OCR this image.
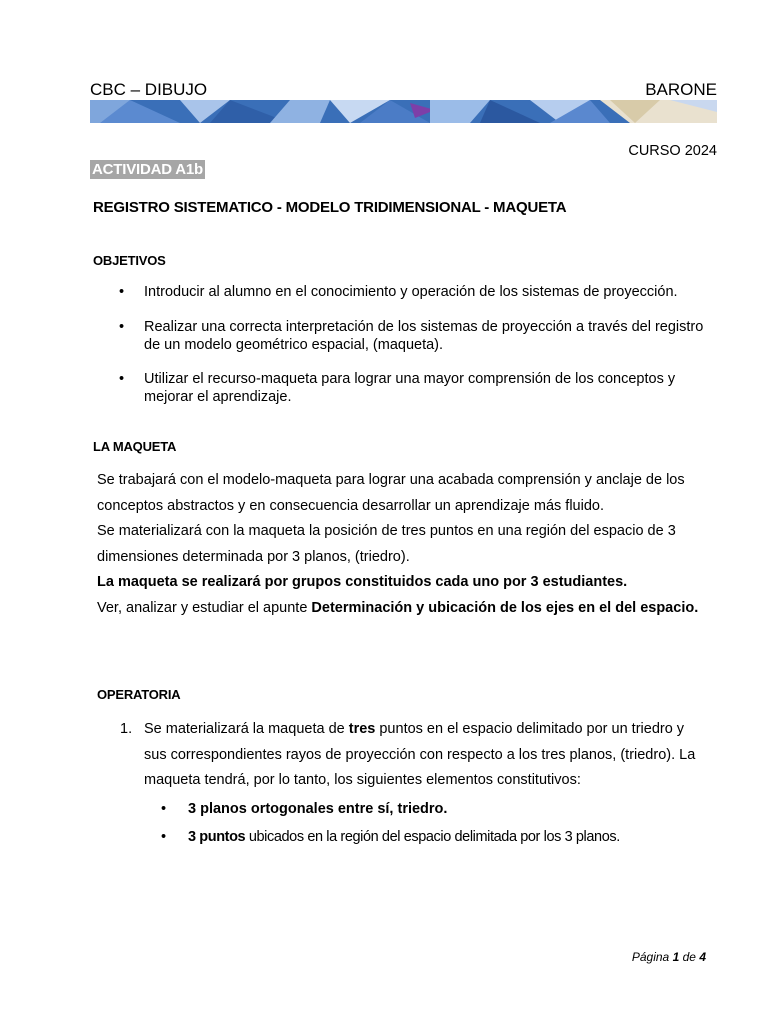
CBC – DIBUJO	BARONE
CURSO 2024
ACTIVIDAD A1b
REGISTRO SISTEMATICO - MODELO TRIDIMENSIONAL - MAQUETA
OBJETIVOS
• Introducir al alumno en el conocimiento y operación de los sistemas de proyección.
• Realizar una correcta interpretación de los sistemas de proyección a través del registro
de un modelo geométrico espacial, (maqueta).
• Utilizar el recurso-maqueta para lograr una mayor comprensión de los conceptos y
mejorar el aprendizaje.
LA MAQUETA
Se trabajará con el modelo-maqueta para lograr una acabada comprensión y anclaje de los
conceptos abstractos y en consecuencia desarrollar un aprendizaje más fluido.
Se materializará con la maqueta la posición de tres puntos en una región del espacio de 3
dimensiones determinada por 3 planos, (triedro).
La maqueta se realizará por grupos constituidos cada uno por 3 estudiantes.
Ver, analizar y estudiar el apunte Determinación y ubicación de los ejes en el del espacio.
OPERATORIA
1. Se materializará la maqueta de tres puntos en el espacio delimitado por un triedro y
sus correspondientes rayos de proyección con respecto a los tres planos, (triedro). La
maqueta tendrá, por lo tanto, los siguientes elementos constitutivos:
• 3 planos ortogonales entre sí, triedro.
• 3 puntos ubicados en la región del espacio delimitada por los 3 planos.
Página 1 de 4
